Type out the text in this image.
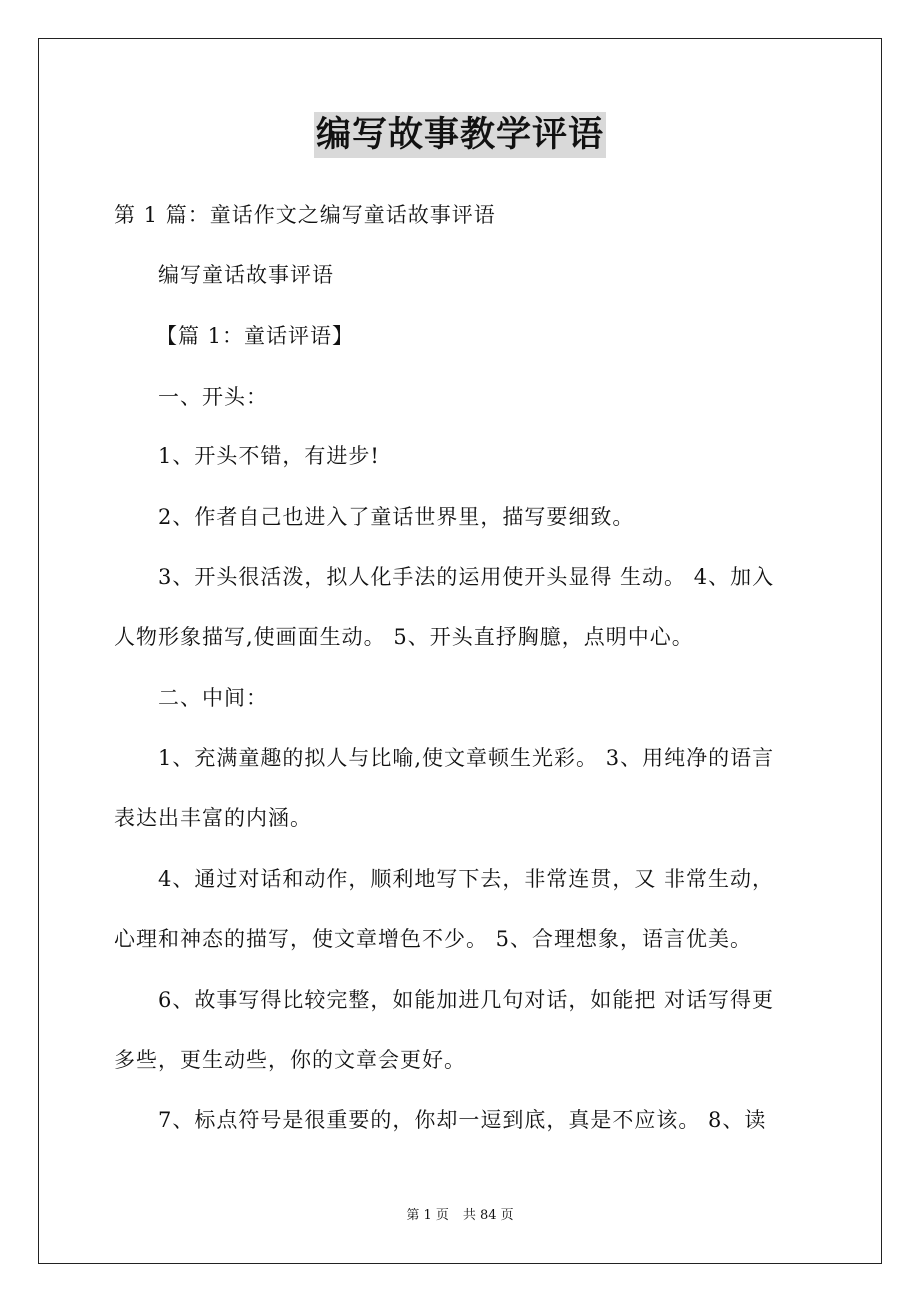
编写故事教学评语
第 1 篇：童话作文之编写童话故事评语
编写童话故事评语
【篇 1：童话评语】
一、开头：
1、开头不错，有进步!
2、作者自己也进入了童话世界里，描写要细致。
3、开头很活泼，拟人化手法的运用使开头显得 生动。 4、加入
人物形象描写,使画面生动。 5、开头直抒胸臆，点明中心。
二、中间：
1、充满童趣的拟人与比喻,使文章顿生光彩。 3、用纯净的语言
表达出丰富的内涵。
4、通过对话和动作，顺利地写下去，非常连贯，又 非常生动，
心理和神态的描写，使文章增色不少。 5、合理想象，语言优美。
6、故事写得比较完整，如能加进几句对话，如能把 对话写得更
多些，更生动些，你的文章会更好。
7、标点符号是很重要的，你却一逗到底，真是不应该。 8、读
第 1 页 共 84 页
